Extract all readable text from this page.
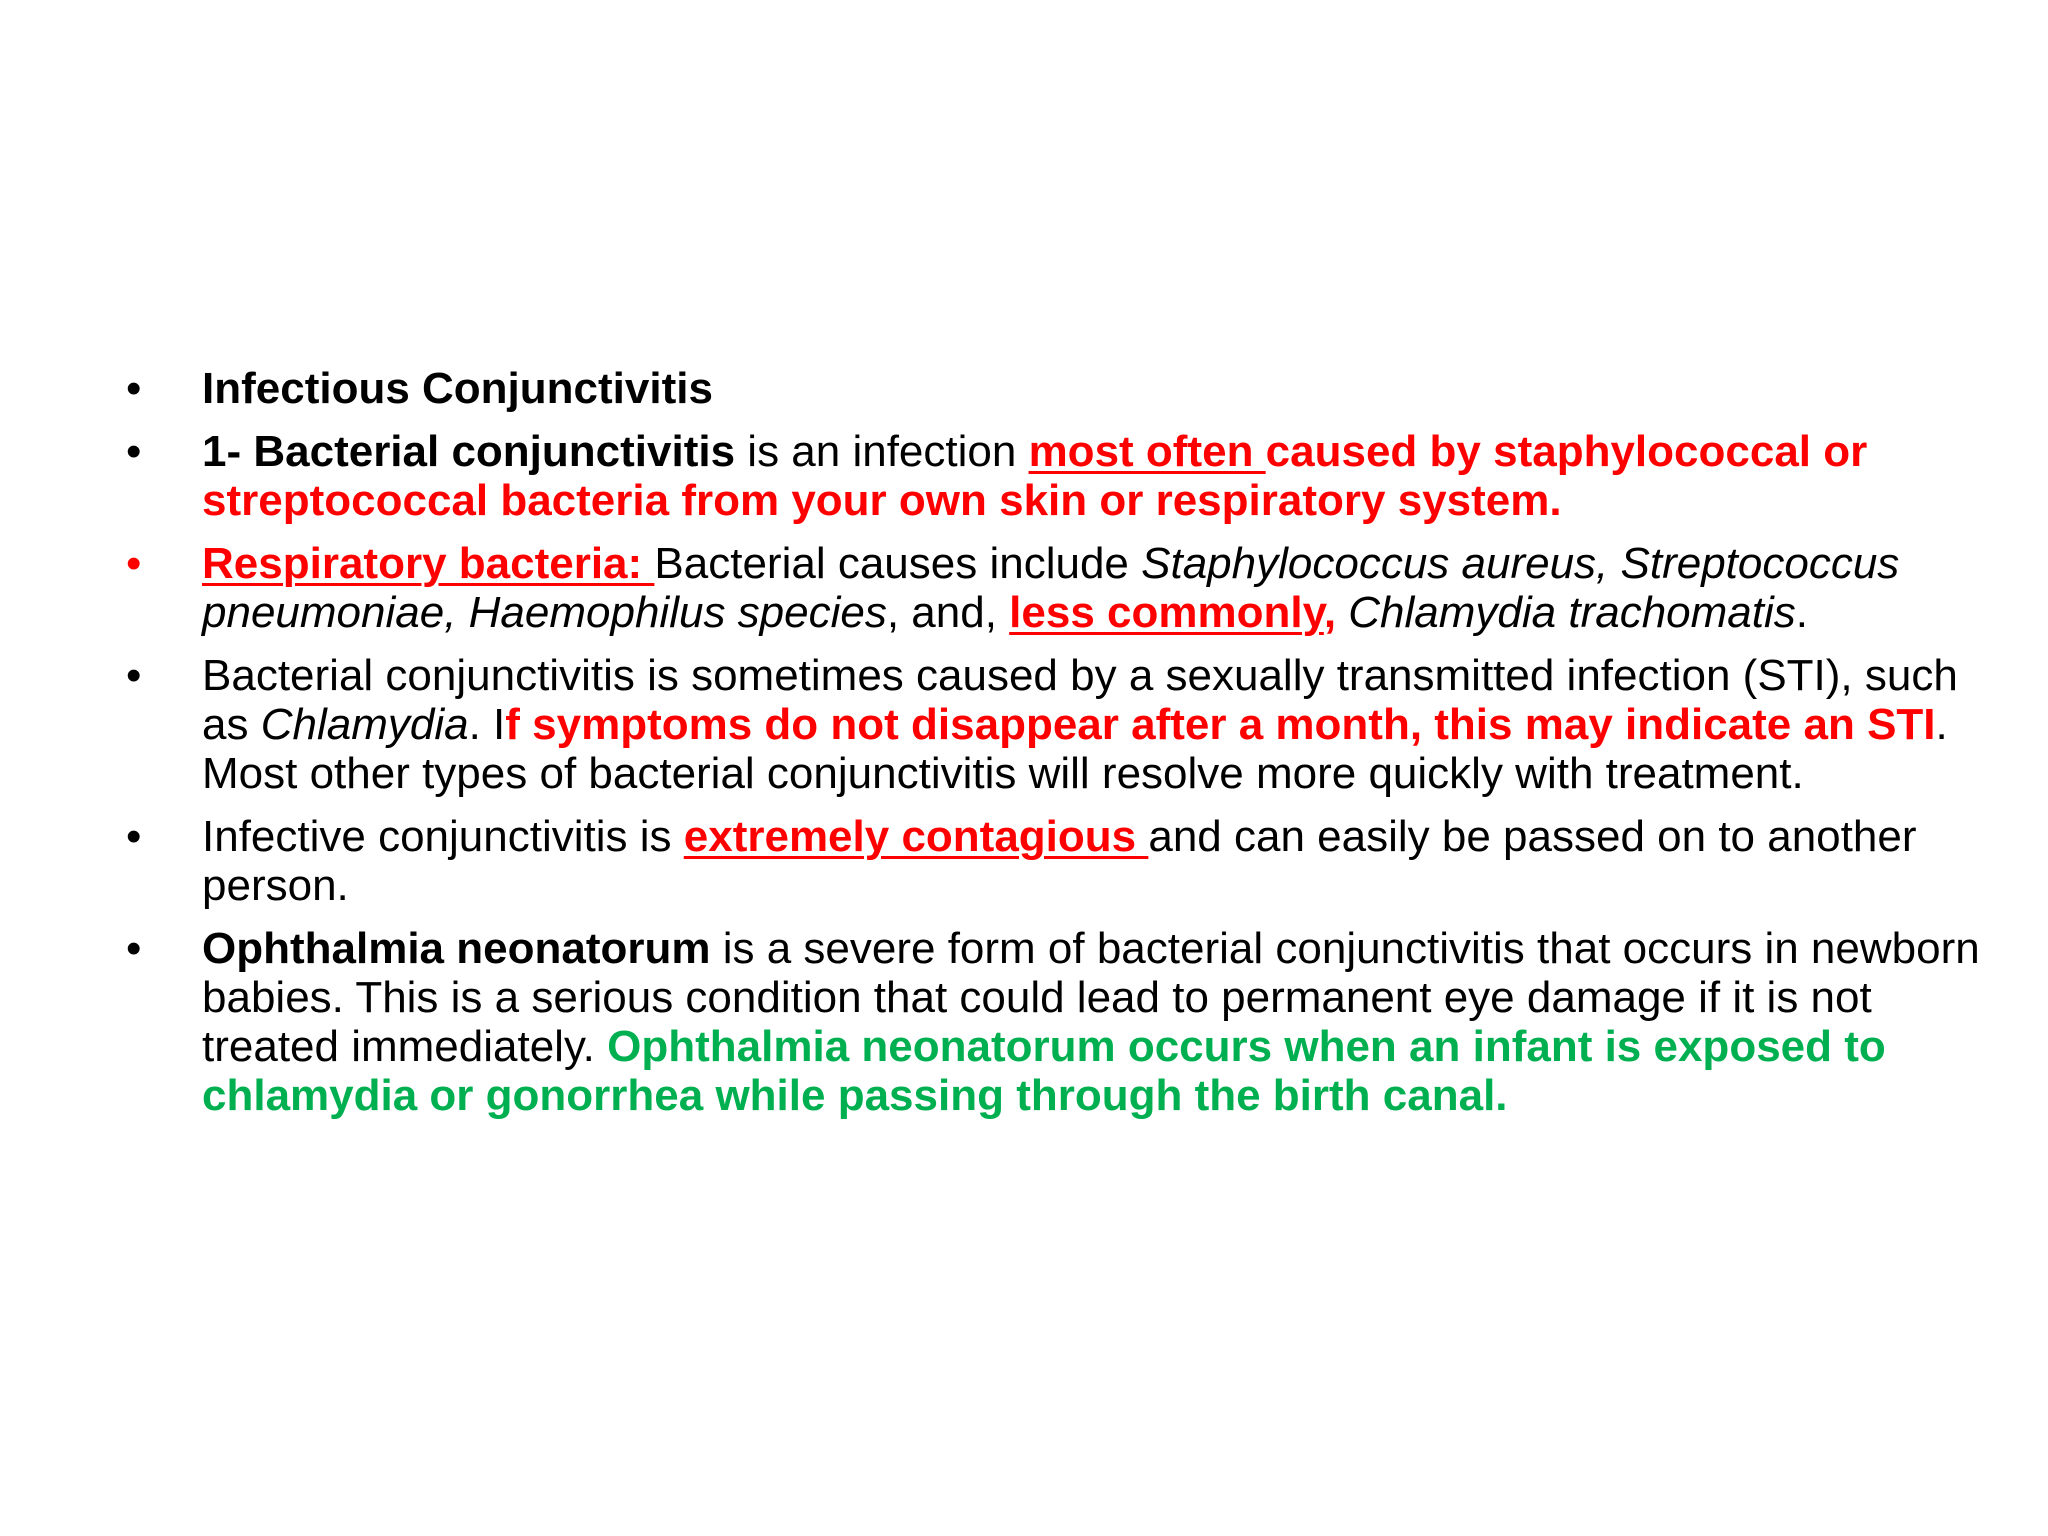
• Infectious Conjunctivitis
• 1- Bacterial conjunctivitis is an infection most often caused by staphylococcal or streptococcal bacteria from your own skin or respiratory system.
• Respiratory bacteria: Bacterial causes include Staphylococcus aureus, Streptococcus pneumoniae, Haemophilus species, and, less commonly, Chlamydia trachomatis.
• Bacterial conjunctivitis is sometimes caused by a sexually transmitted infection (STI), such as Chlamydia. If symptoms do not disappear after a month, this may indicate an STI. Most other types of bacterial conjunctivitis will resolve more quickly with treatment.
• Infective conjunctivitis is extremely contagious and can easily be passed on to another person.
• Ophthalmia neonatorum is a severe form of bacterial conjunctivitis that occurs in newborn babies. This is a serious condition that could lead to permanent eye damage if it is not treated immediately. Ophthalmia neonatorum occurs when an infant is exposed to chlamydia or gonorrhea while passing through the birth canal.
